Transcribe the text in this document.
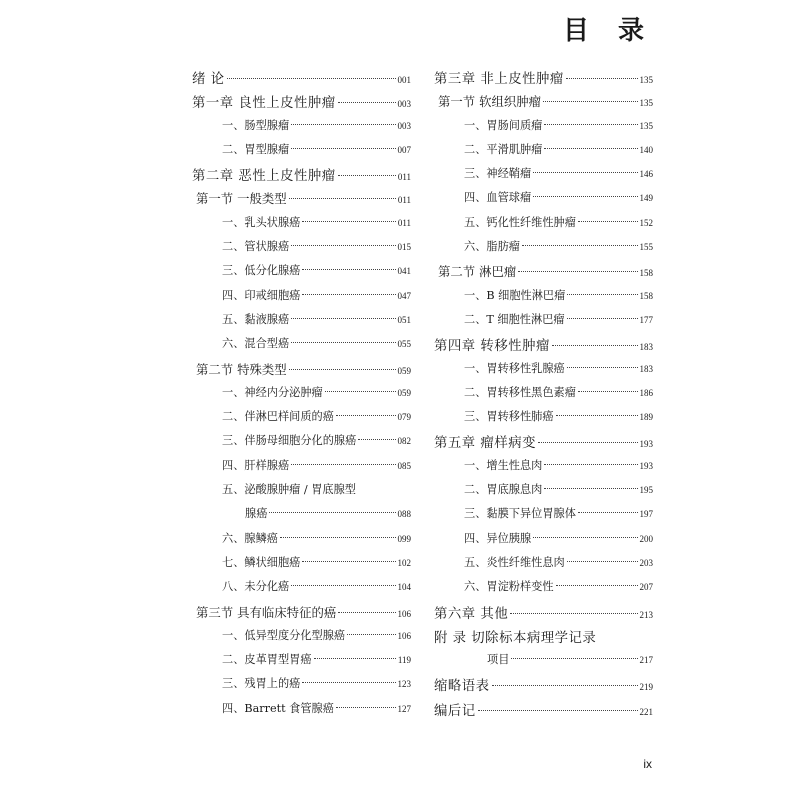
目 录
绪 论	001
第一章 良性上皮性肿瘤	003
一、肠型腺瘤	003
二、胃型腺瘤	007
第二章 恶性上皮性肿瘤	011
第一节 一般类型	011
一、乳头状腺癌	011
二、管状腺癌	015
三、低分化腺癌	041
四、印戒细胞癌	047
五、黏液腺癌	051
六、混合型癌	055
第二节 特殊类型	059
一、神经内分泌肿瘤	059
二、伴淋巴样间质的癌	079
三、伴肠母细胞分化的腺癌	082
四、肝样腺癌	085
五、泌酸腺肿瘤 / 胃底腺型
腺癌	088
六、腺鳞癌	099
七、鳞状细胞癌	102
八、未分化癌	104
第三节 具有临床特征的癌	106
一、低异型度分化型腺癌	106
二、皮革胃型胃癌	119
三、残胃上的癌	123
四、Barrett 食管腺癌	127
第三章 非上皮性肿瘤	135
第一节 软组织肿瘤	135
一、胃肠间质瘤	135
二、平滑肌肿瘤	140
三、神经鞘瘤	146
四、血管球瘤	149
五、钙化性纤维性肿瘤	152
六、脂肪瘤	155
第二节 淋巴瘤	158
一、B 细胞性淋巴瘤	158
二、T 细胞性淋巴瘤	177
第四章 转移性肿瘤	183
一、胃转移性乳腺癌	183
二、胃转移性黑色素瘤	186
三、胃转移性肺癌	189
第五章 瘤样病变	193
一、增生性息肉	193
二、胃底腺息肉	195
三、黏膜下异位胃腺体	197
四、异位胰腺	200
五、炎性纤维性息肉	203
六、胃淀粉样变性	207
第六章 其他	213
附 录 切除标本病理学记录
项目	217
缩略语表	219
编后记	221
ix
